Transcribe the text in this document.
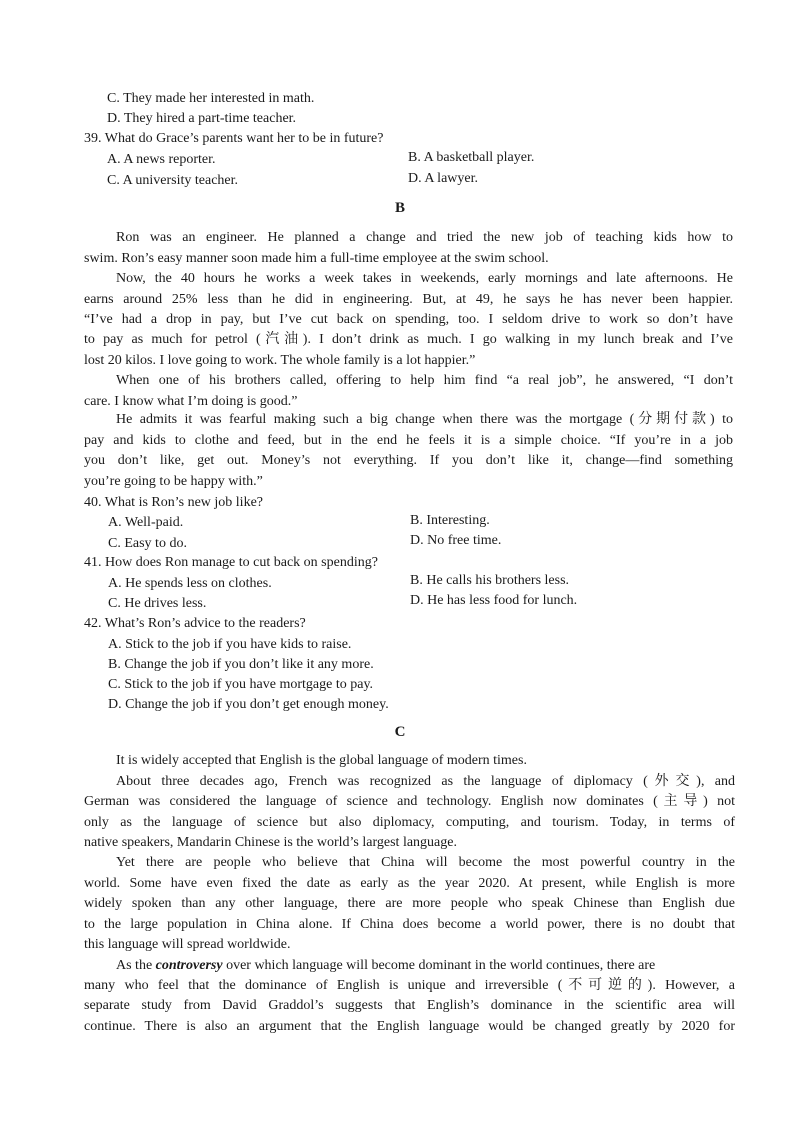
C. They made her interested in math.
D. They hired a part-time teacher.
39. What do Grace’s parents want her to be in future?
A. A news reporter.	B. A basketball player.
C. A university teacher.	D. A lawyer.
B
Ron was an engineer. He planned a change and tried the new job of teaching kids how to
swim. Ron’s easy manner soon made him a full-time employee at the swim school.
Now, the 40 hours he works a week takes in weekends, early mornings and late afternoons. He
earns around 25% less than he did in engineering. But, at 49, he says he has never been happier.
“I’ve had a drop in pay, but I’ve cut back on spending, too. I seldom drive to work so don’t have
to pay as much for petrol (汽油). I don’t drink as much. I go walking in my lunch break and I’ve
lost 20 kilos. I love going to work. The whole family is a lot happier.”
When one of his brothers called, offering to help him find “a real job”, he answered, “I don’t
care. I know what I’m doing is good.”
He admits it was fearful making such a big change when there was the mortgage (分期付款) to
pay and kids to clothe and feed, but in the end he feels it is a simple choice. “If you’re in a job
you don’t like, get out. Money’s not everything. If you don’t like it, change—find something
you’re going to be happy with.”
40. What is Ron’s new job like?
A. Well-paid.	B. Interesting.
C. Easy to do.	D. No free time.
41. How does Ron manage to cut back on spending?
A. He spends less on clothes.	B. He calls his brothers less.
C. He drives less.	D. He has less food for lunch.
42. What’s Ron’s advice to the readers?
A. Stick to the job if you have kids to raise.
B. Change the job if you don’t like it any more.
C. Stick to the job if you have mortgage to pay.
D. Change the job if you don’t get enough money.
C
It is widely accepted that English is the global language of modern times.
About three decades ago, French was recognized as the language of diplomacy (外交), and
German was considered the language of science and technology. English now dominates (主导) not
only as the language of science but also diplomacy, computing, and tourism. Today, in terms of
native speakers, Mandarin Chinese is the world’s largest language.
Yet there are people who believe that China will become the most powerful country in the
world. Some have even fixed the date as early as the year 2020. At present, while English is more
widely spoken than any other language, there are more people who speak Chinese than English due
to the large population in China alone. If China does become a world power, there is no doubt that
this language will spread worldwide.
As the controversy over which language will become dominant in the world continues, there are
many who feel that the dominance of English is unique and irreversible (不可逆的). However, a
separate study from David Graddol’s suggests that English’s dominance in the scientific area will
continue. There is also an argument that the English language would be changed greatly by 2020 for
